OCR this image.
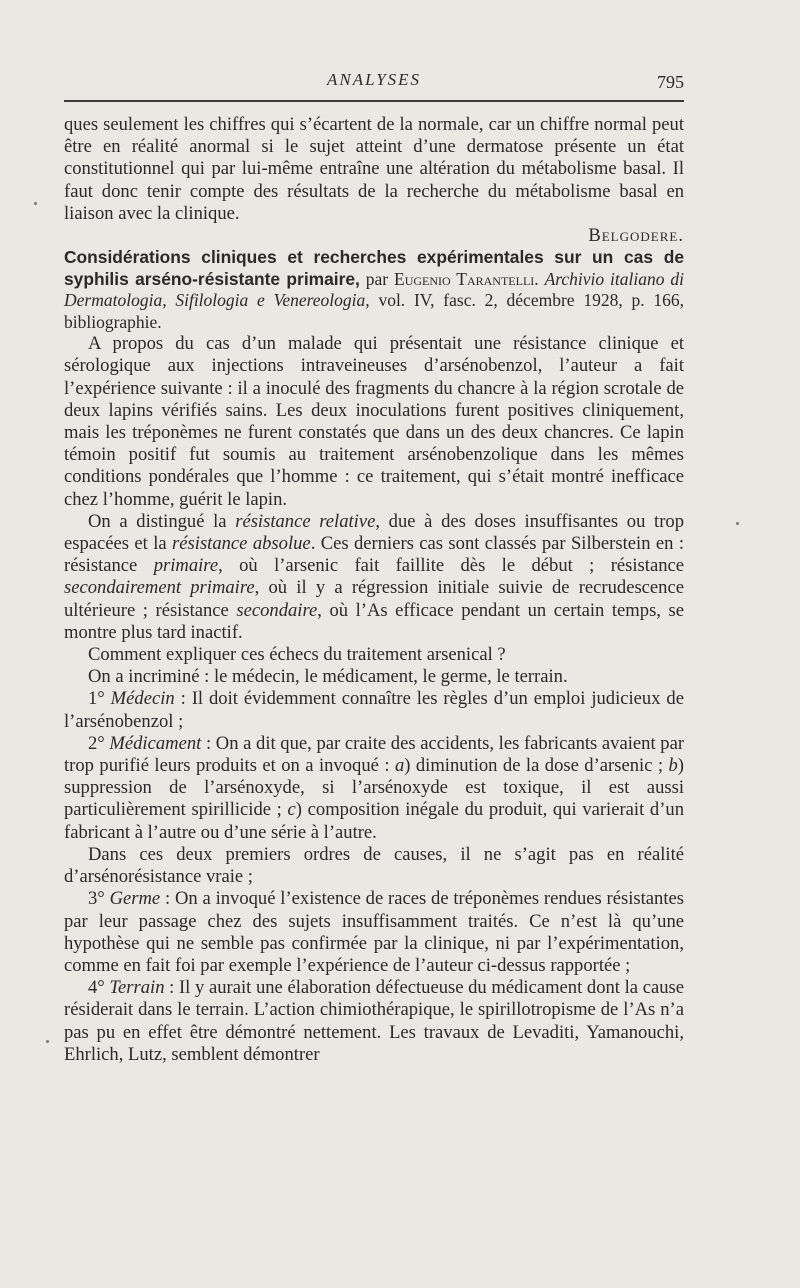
ANALYSES	795

ques seulement les chiffres qui s’écartent de la normale, car un chiffre normal peut être en réalité anormal si le sujet atteint d’une dermatose présente un état constitutionnel qui par lui-même entraîne une altération du métabolisme basal. Il faut donc tenir compte des résultats de la recherche du métabolisme basal en liaison avec la clinique.

Belgodere.

Considérations cliniques et recherches expérimentales sur un cas de syphilis arséno-résistante primaire, par Eugenio Tarantelli. Archivio italiano di Dermatologia, Sifilologia e Venereologia, vol. IV, fasc. 2, décembre 1928, p. 166, bibliographie.

A propos du cas d’un malade qui présentait une résistance clinique et sérologique aux injections intraveineuses d’arsénobenzol, l’auteur a fait l’expérience suivante : il a inoculé des fragments du chancre à la région scrotale de deux lapins vérifiés sains. Les deux inoculations furent positives cliniquement, mais les tréponèmes ne furent constatés que dans un des deux chancres. Ce lapin témoin positif fut soumis au traitement arsénobenzolique dans les mêmes conditions pondérales que l’homme : ce traitement, qui s’était montré inefficace chez l’homme, guérit le lapin.

On a distingué la résistance relative, due à des doses insuffisantes ou trop espacées et la résistance absolue. Ces derniers cas sont classés par Silberstein en : résistance primaire, où l’arsenic fait faillite dès le début ; résistance secondairement primaire, où il y a régression initiale suivie de recrudescence ultérieure ; résistance secondaire, où l’As efficace pendant un certain temps, se montre plus tard inactif.

Comment expliquer ces échecs du traitement arsenical ?

On a incriminé : le médecin, le médicament, le germe, le terrain.

1° Médecin : Il doit évidemment connaître les règles d’un emploi judicieux de l’arsénobenzol ;

2° Médicament : On a dit que, par craite des accidents, les fabricants avaient par trop purifié leurs produits et on a invoqué : a) diminution de la dose d’arsenic ; b) suppression de l’arsénoxyde, si l’arsénoxyde est toxique, il est aussi particulièrement spirillicide ; c) composition inégale du produit, qui varierait d’un fabricant à l’autre ou d’une série à l’autre.

Dans ces deux premiers ordres de causes, il ne s’agit pas en réalité d’arsénorésistance vraie ;

3° Germe : On a invoqué l’existence de races de tréponèmes rendues résistantes par leur passage chez des sujets insuffisamment traités. Ce n’est là qu’une hypothèse qui ne semble pas confirmée par la clinique, ni par l’expérimentation, comme en fait foi par exemple l’expérience de l’auteur ci-dessus rapportée ;

4° Terrain : Il y aurait une élaboration défectueuse du médicament dont la cause résiderait dans le terrain. L’action chimiothérapique, le spirillotropisme de l’As n’a pas pu en effet être démontré nettement. Les travaux de Levaditi, Yamanouchi, Ehrlich, Lutz, semblent démontrer
